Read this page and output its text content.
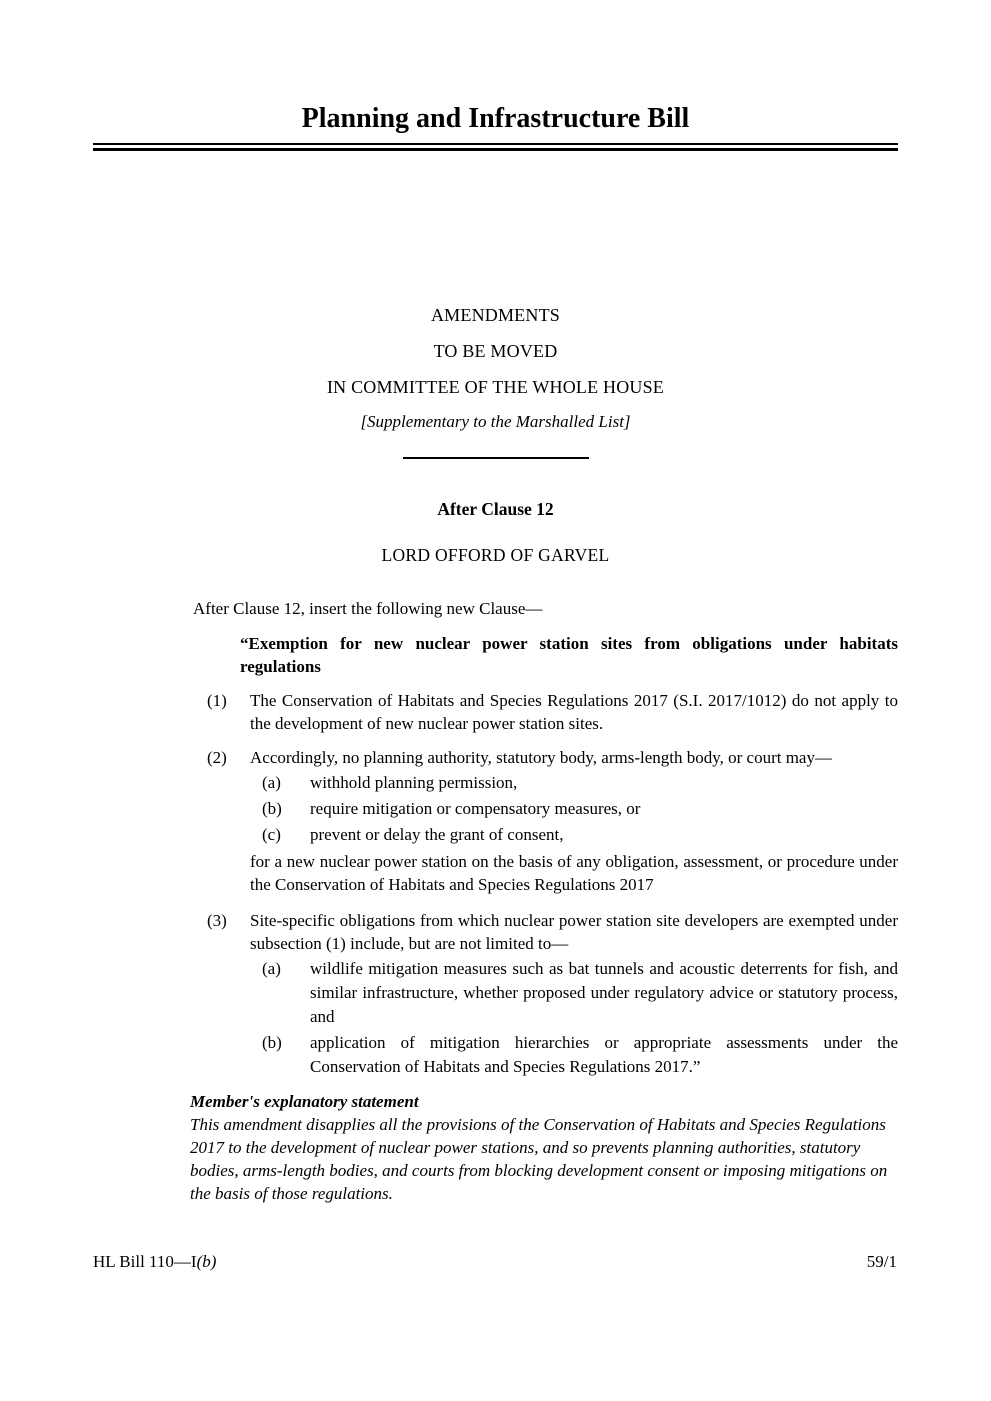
Planning and Infrastructure Bill
AMENDMENTS
TO BE MOVED
IN COMMITTEE OF THE WHOLE HOUSE
[Supplementary to the Marshalled List]
After Clause 12
LORD OFFORD OF GARVEL
After Clause 12, insert the following new Clause—
“Exemption for new nuclear power station sites from obligations under habitats regulations
(1)	The Conservation of Habitats and Species Regulations 2017 (S.I. 2017/1012) do not apply to the development of new nuclear power station sites.
(2)	Accordingly, no planning authority, statutory body, arms-length body, or court may—
(a)	withhold planning permission,
(b)	require mitigation or compensatory measures, or
(c)	prevent or delay the grant of consent,
for a new nuclear power station on the basis of any obligation, assessment, or procedure under the Conservation of Habitats and Species Regulations 2017
(3)	Site-specific obligations from which nuclear power station site developers are exempted under subsection (1) include, but are not limited to—
(a)	wildlife mitigation measures such as bat tunnels and acoustic deterrents for fish, and similar infrastructure, whether proposed under regulatory advice or statutory process, and
(b)	application of mitigation hierarchies or appropriate assessments under the Conservation of Habitats and Species Regulations 2017.”
Member's explanatory statement
This amendment disapplies all the provisions of the Conservation of Habitats and Species Regulations 2017 to the development of nuclear power stations, and so prevents planning authorities, statutory bodies, arms-length bodies, and courts from blocking development consent or imposing mitigations on the basis of those regulations.
HL Bill 110—I(b)	59/1
